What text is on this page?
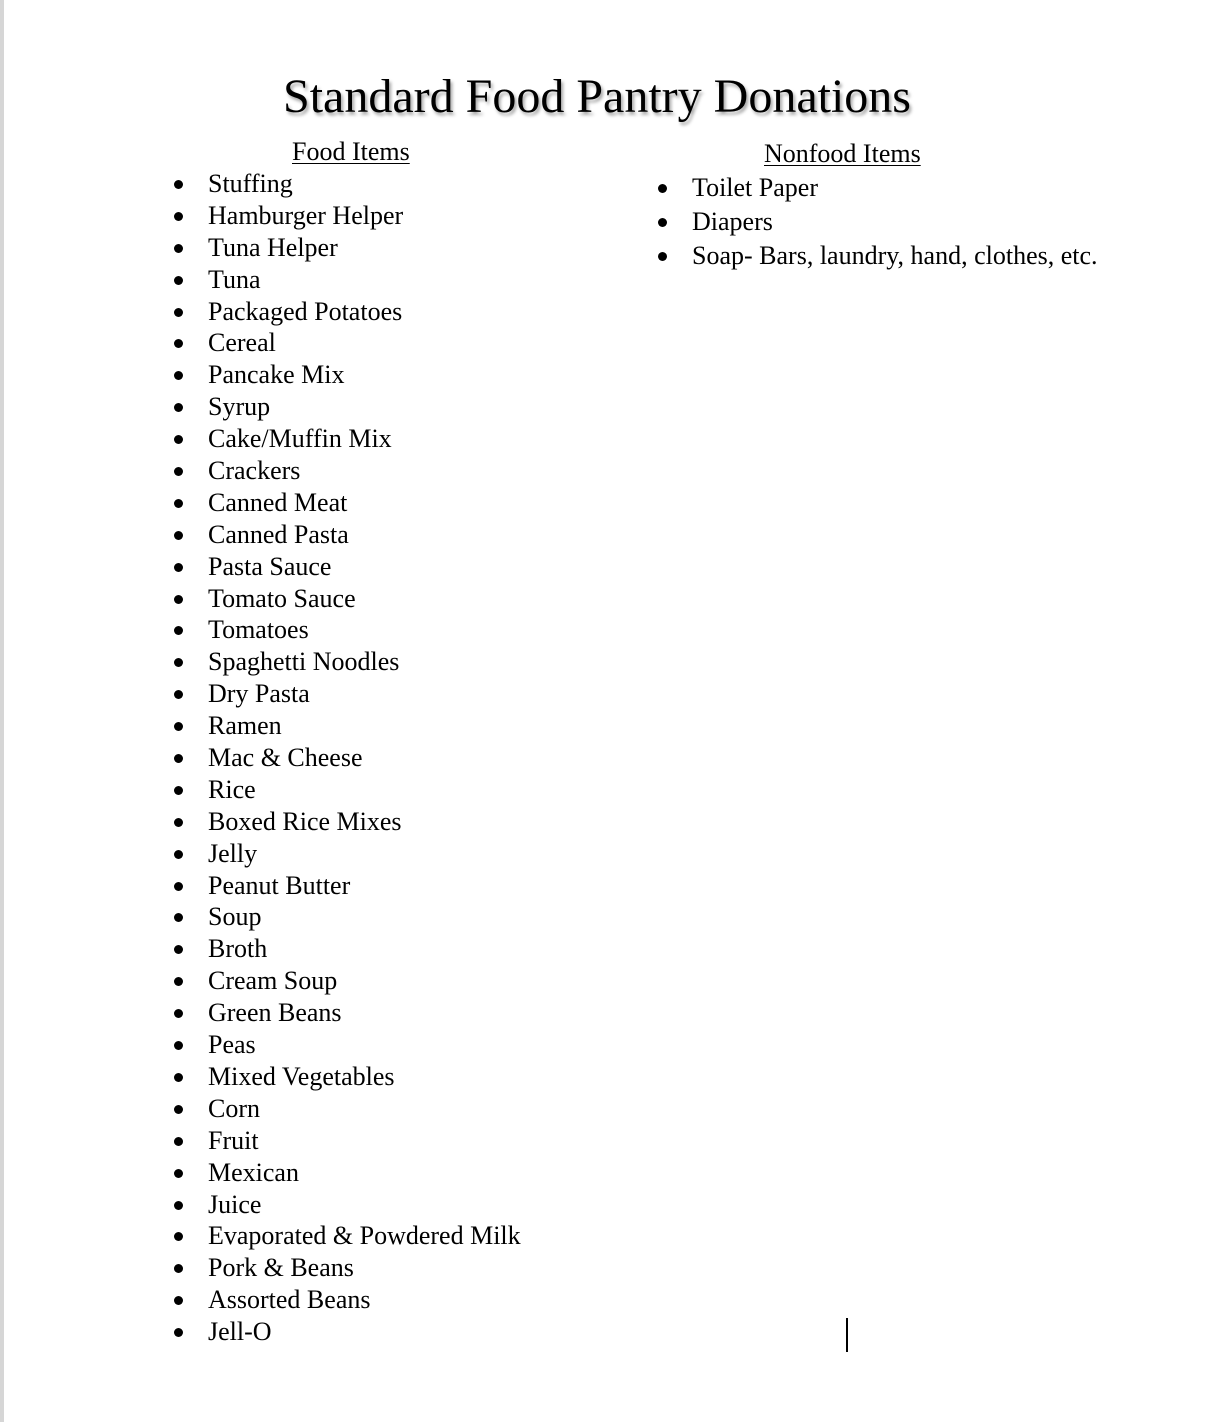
Standard Food Pantry Donations
Food Items	Nonfood Items
Stuffing
Hamburger Helper
Tuna Helper
Tuna
Packaged Potatoes
Cereal
Pancake Mix
Syrup
Cake/Muffin Mix
Crackers
Canned Meat
Canned Pasta
Pasta Sauce
Tomato Sauce
Tomatoes
Spaghetti Noodles
Dry Pasta
Ramen
Mac & Cheese
Rice
Boxed Rice Mixes
Jelly
Peanut Butter
Soup
Broth
Cream Soup
Green Beans
Peas
Mixed Vegetables
Corn
Fruit
Mexican
Juice
Evaporated & Powdered Milk
Pork & Beans
Assorted Beans
Jell-O
Toilet Paper
Diapers
Soap- Bars, laundry, hand, clothes, etc.
